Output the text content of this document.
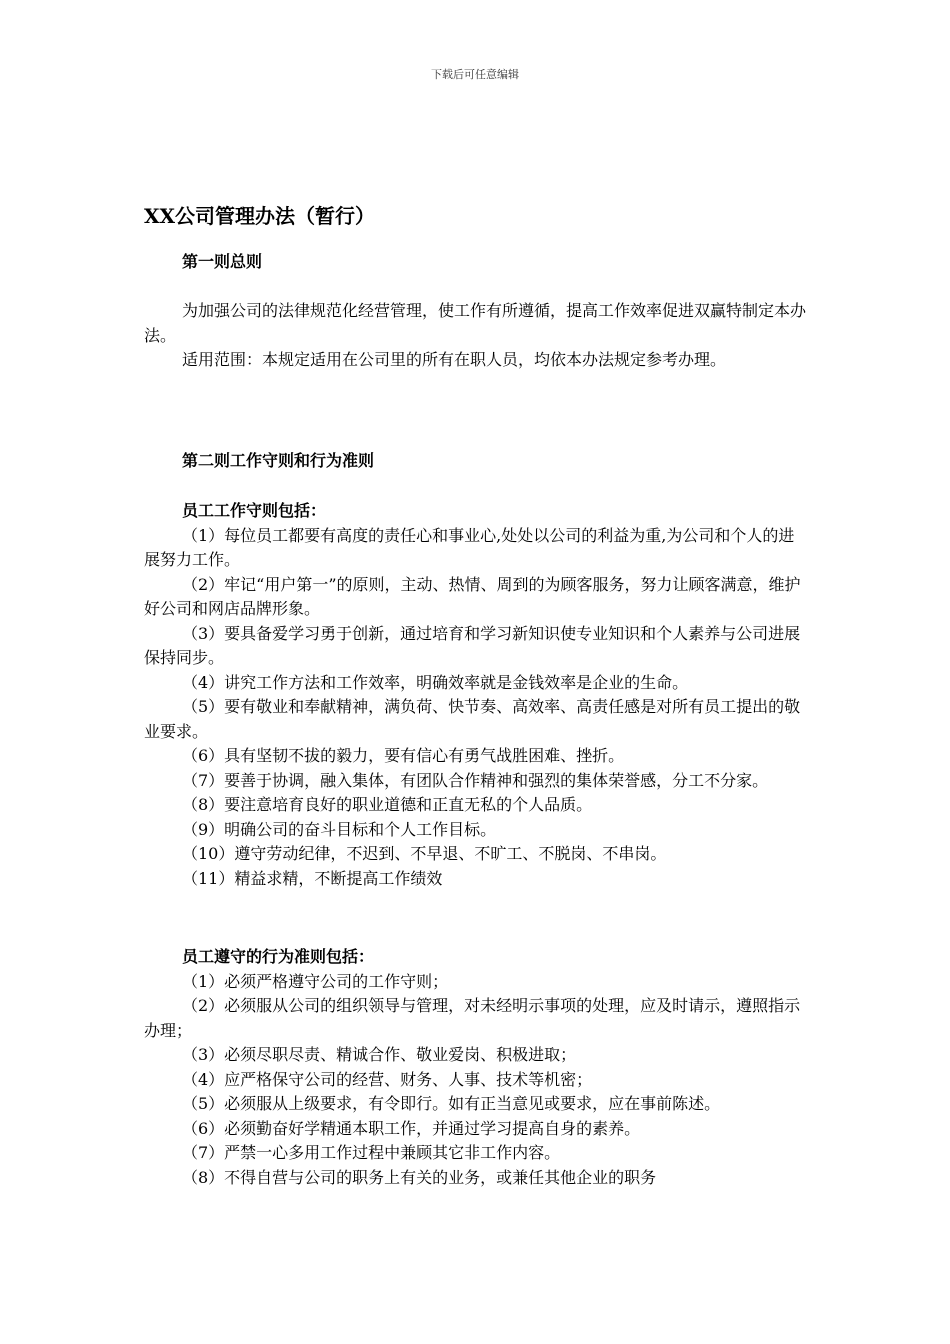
下载后可任意编辑
XX公司管理办法（暂行）

第一则总则

为加强公司的法律规范化经营管理，使工作有所遵循，提高工作效率促进双赢特制定本办法。

适用范围：本规定适用在公司里的所有在职人员，均依本办法规定参考办理。

第二则工作守则和行为准则

员工工作守则包括：

（1）每位员工都要有高度的责任心和事业心,处处以公司的利益为重,为公司和个人的进展努力工作。

（2）牢记“用户第一”的原则，主动、热情、周到的为顾客服务，努力让顾客满意，维护好公司和网店品牌形象。

（3）要具备爱学习勇于创新，通过培育和学习新知识使专业知识和个人素养与公司进展保持同步。

（4）讲究工作方法和工作效率，明确效率就是金钱效率是企业的生命。

（5）要有敬业和奉献精神，满负荷、快节奏、高效率、高责任感是对所有员工提出的敬业要求。

（6）具有坚韧不拔的毅力，要有信心有勇气战胜困难、挫折。

（7）要善于协调，融入集体，有团队合作精神和强烈的集体荣誉感，分工不分家。

（8）要注意培育良好的职业道德和正直无私的个人品质。

（9）明确公司的奋斗目标和个人工作目标。

（10）遵守劳动纪律，不迟到、不早退、不旷工、不脱岗、不串岗。

（11）精益求精，不断提高工作绩效

员工遵守的行为准则包括：

（1）必须严格遵守公司的工作守则；

（2）必须服从公司的组织领导与管理，对未经明示事项的处理，应及时请示，遵照指示办理；

（3）必须尽职尽责、精诚合作、敬业爱岗、积极进取；

（4）应严格保守公司的经营、财务、人事、技术等机密；

（5）必须服从上级要求，有令即行。如有正当意见或要求，应在事前陈述。

（6）必须勤奋好学精通本职工作，并通过学习提高自身的素养。

（7）严禁一心多用工作过程中兼顾其它非工作内容。

（8）不得自营与公司的职务上有关的业务，或兼任其他企业的职务
